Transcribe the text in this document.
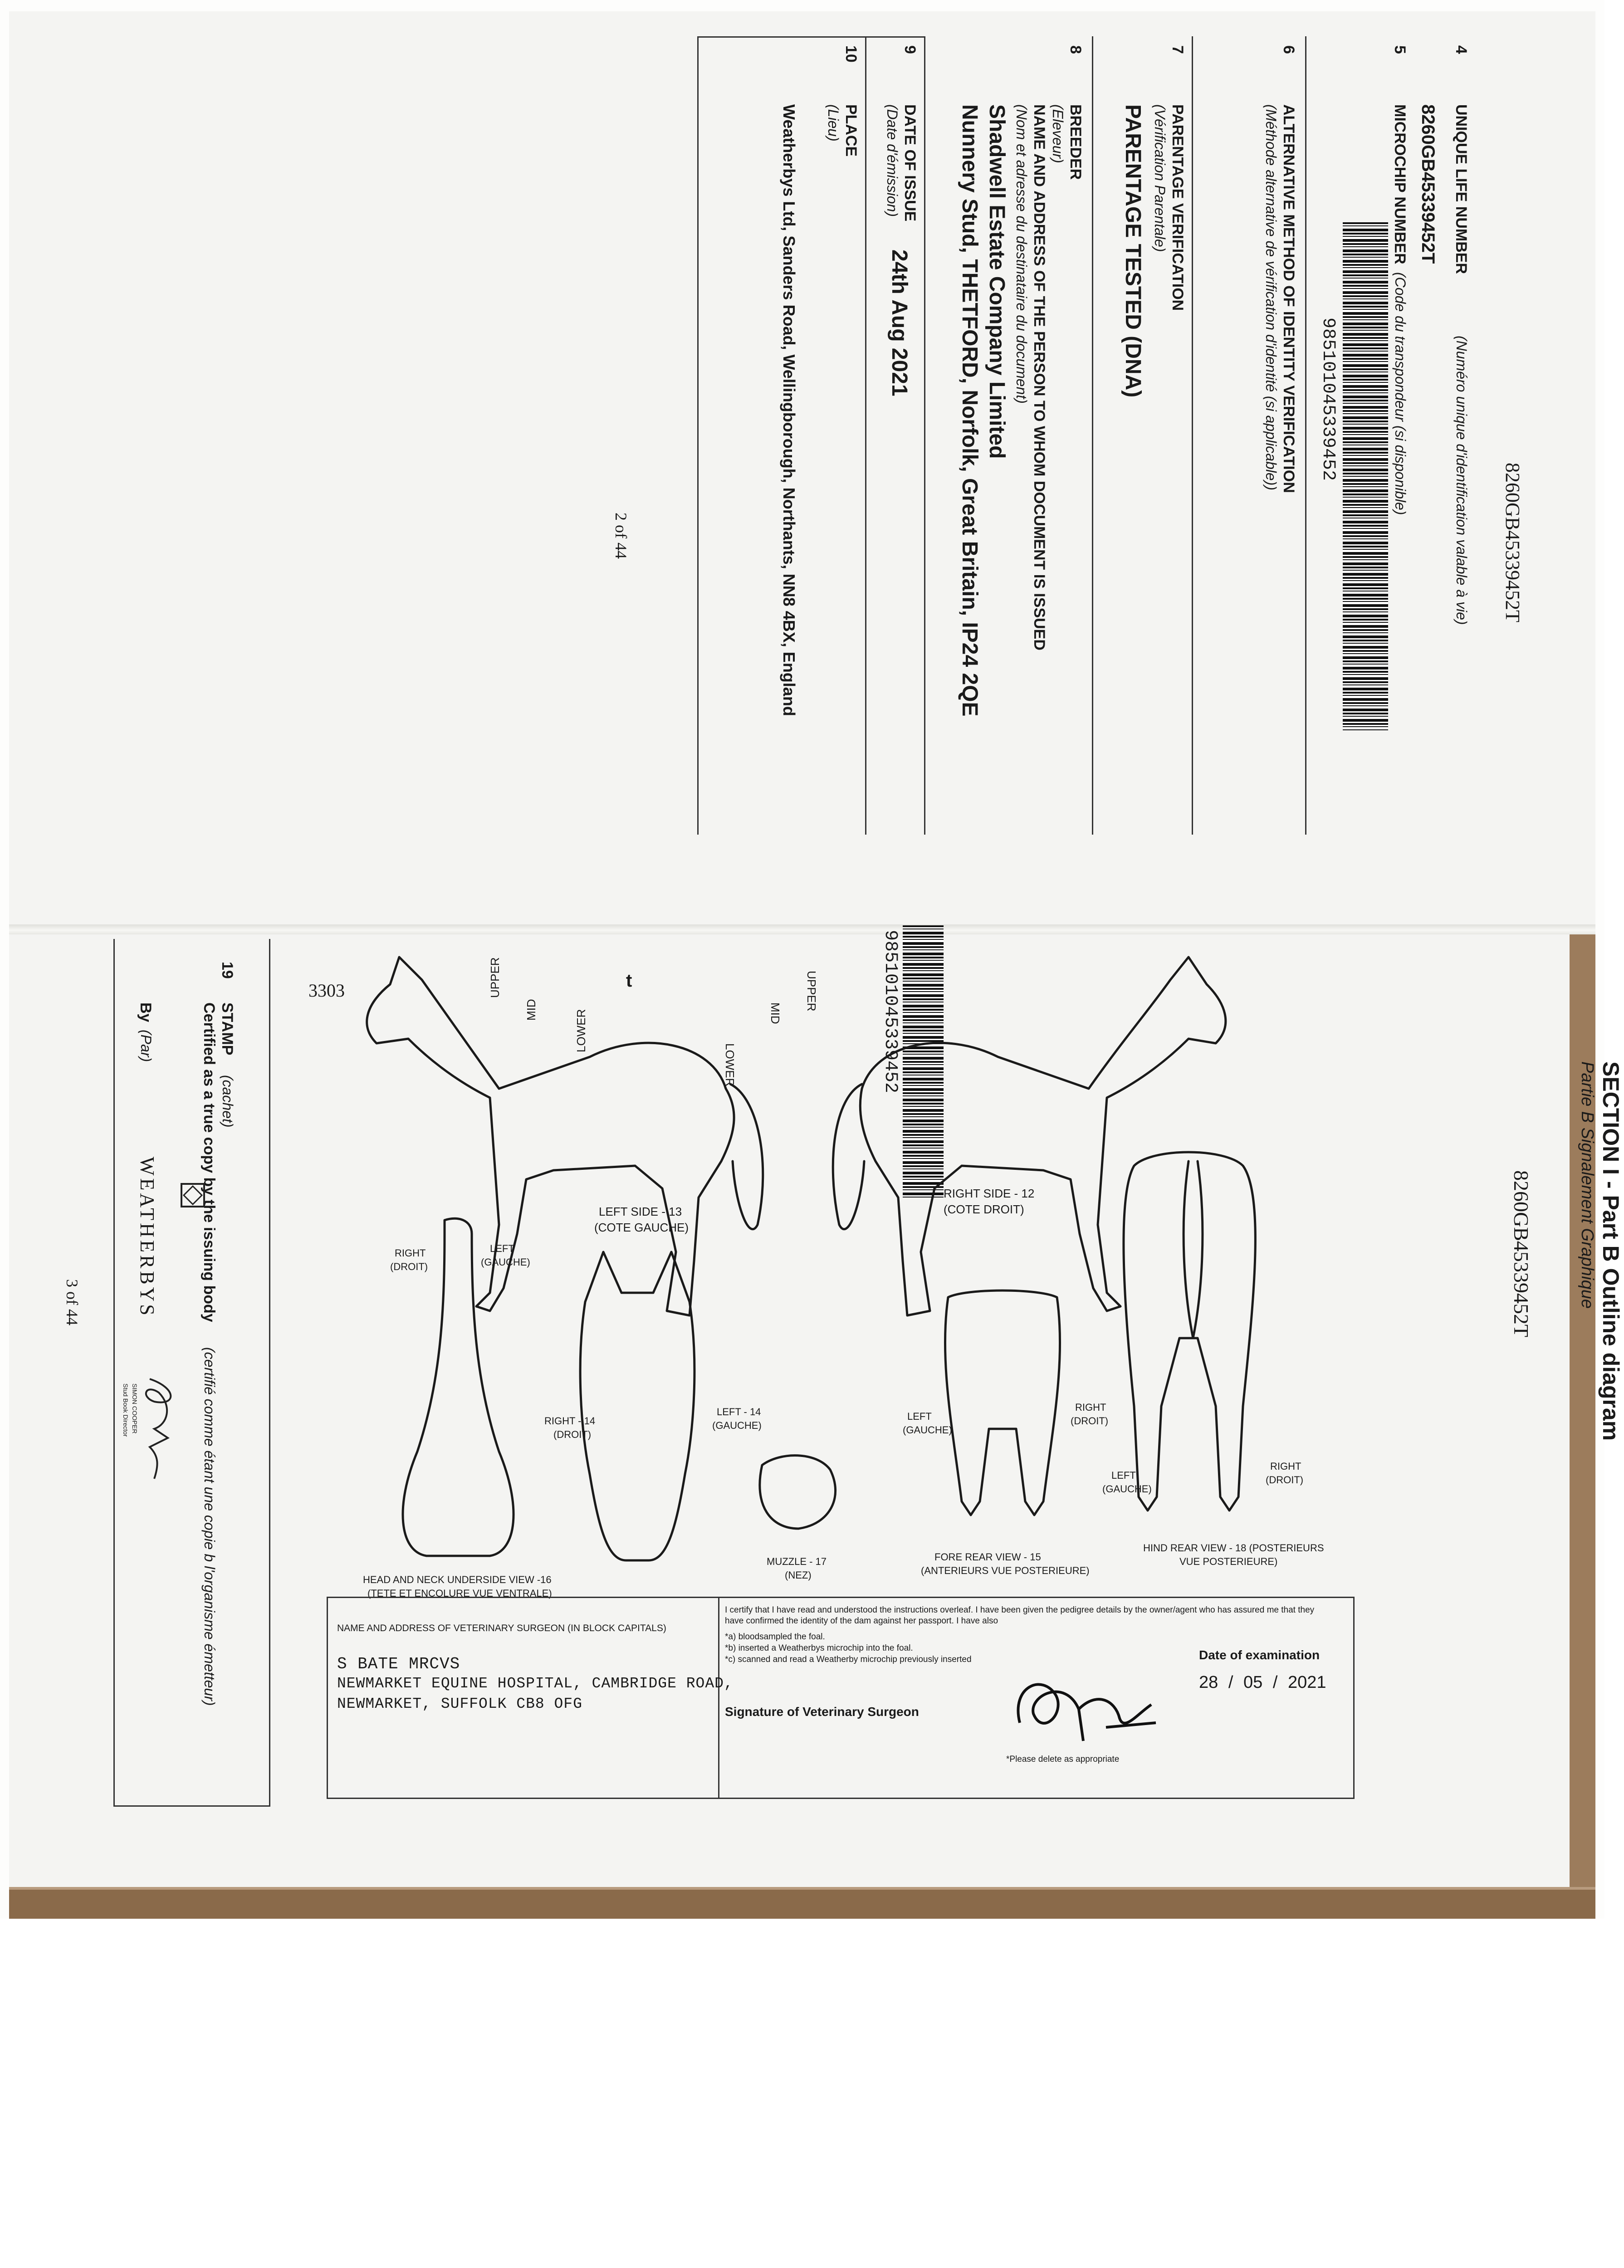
8260GB45339452T
4
UNIQUE LIFE NUMBER
(Numéro unique d'identification valable à vie)
8260GB45339452T
5
MICROCHIP NUMBER
(Code du transpondeur (si disponible)
985101045339452
6
ALTERNATIVE METHOD OF IDENTITY VERIFICATION
(Méthode alternative de vérification d'identité (si applicable))
7
PARENTAGE VERIFICATION
(Vérification Parentale)
PARENTAGE TESTED (DNA)
8
BREEDER
(Eleveur)
NAME AND ADDRESS OF THE PERSON TO WHOM DOCUMENT IS ISSUED
(Nom et adresse du destinataire du document)
Shadwell Estate Company Limited
Nunnery Stud, THETFORD, Norfolk, Great Britain, IP24 2QE
9
DATE OF ISSUE
(Date d'émission)
24th Aug 2021
10
PLACE
(Lieu)
Weatherbys Ltd, Sanders Road, Wellingborough, Northants, NN8 4BX, England
2 of 44
985101045339452
t
3303
8260GB45339452T	SECTION I - Part B Outline diagram
Partie B Signalement Graphique
UPPER
MID
LOWER
UPPER
MID	LOWER
RIGHT SIDE - 12
(COTE DROIT)
LEFT SIDE - 13
(COTE GAUCHE)
RIGHT
(DROIT)
LEFT
(GAUCHE)
RIGHT - 14
(DROIT)
LEFT - 14
(GAUCHE)
LEFT
(GAUCHE)
RIGHT
(DROIT)
LEFT
(GAUCHE)
RIGHT
(DROIT)
HEAD AND NECK UNDERSIDE VIEW -16
(TETE ET ENCOLURE VUE VENTRALE)
MUZZLE - 17
(NEZ)
FORE REAR VIEW - 15
(ANTERIEURS VUE POSTERIEURE)
HIND REAR VIEW - 18 (POSTERIEURS
VUE POSTERIEURE)
NAME AND ADDRESS OF VETERINARY SURGEON (IN BLOCK CAPITALS)
S BATE MRCVS
NEWMARKET EQUINE HOSPITAL, CAMBRIDGE ROAD,
NEWMARKET, SUFFOLK CB8 OFG
I certify that I have read and understood the instructions overleaf. I have been given the pedigree details by the owner/agent who has assured me that they have confirmed the identity of the dam against her passport. I have also
*a) bloodsampled the foal.
*b) inserted a Weatherbys microchip into the foal.
*c) scanned and read a Weatherby microchip previously inserted
Signature of Veterinary Surgeon
*Please delete as appropriate
Date of examination
28 / 05 / 2021
19
STAMP
(cachet)
Certified as a true copy by the issuing body
(certifié comme étant une copie b l'organisme émetteur)
By
(Par)
WEATHERBYS
SIMON COOPER
Stud Book Director
3 of 44
